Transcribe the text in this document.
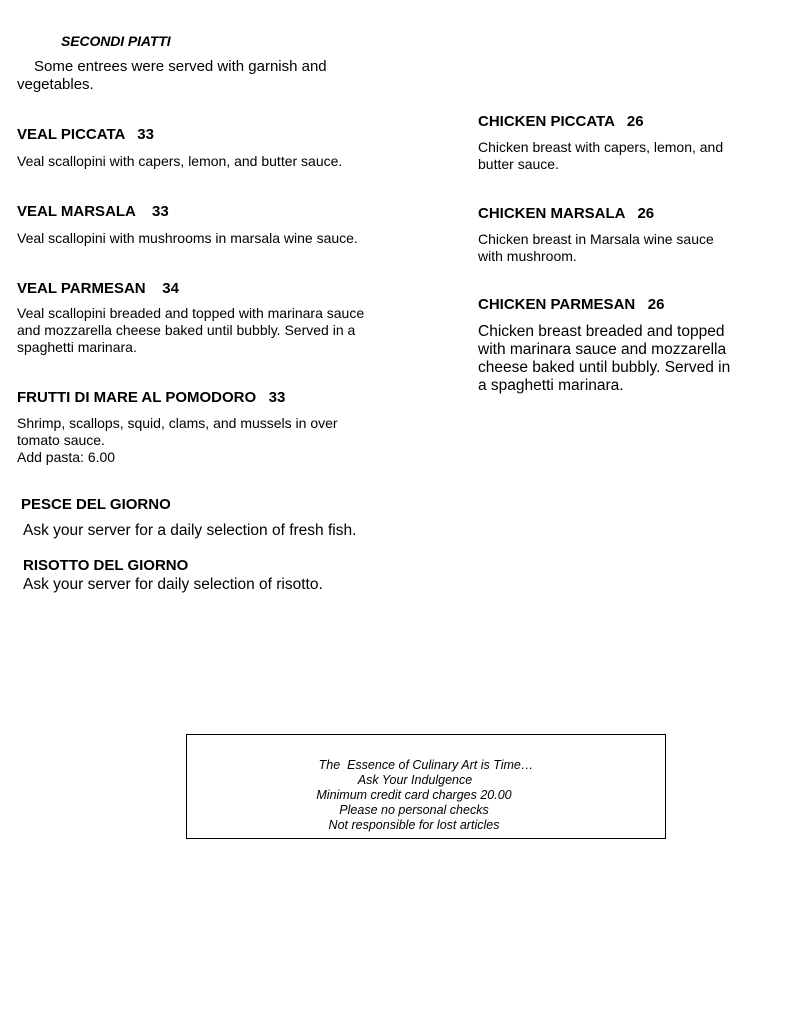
SECONDI PIATTI
Some entrees were served with garnish and vegetables.
VEAL PICCATA   33
Veal scallopini with capers, lemon, and butter sauce.
VEAL MARSALA    33
Veal scallopini with mushrooms in marsala wine sauce.
VEAL PARMESAN    34
Veal scallopini breaded and topped with marinara sauce
and mozzarella cheese baked until bubbly. Served in a
spaghetti marinara.
FRUTTI DI MARE AL POMODORO   33
Shrimp, scallops, squid, clams, and mussels in over
tomato sauce.
Add pasta: 6.00
PESCE DEL GIORNO
Ask your server for a daily selection of fresh fish.
RISOTTO DEL GIORNO
Ask your server for daily selection of risotto.
CHICKEN PICCATA   26
Chicken breast with capers, lemon, and
butter sauce.
CHICKEN MARSALA   26
Chicken breast in Marsala wine sauce
with mushroom.
CHICKEN PARMESAN   26
Chicken breast breaded and topped
with marinara sauce and mozzarella
cheese baked until bubbly. Served in
a spaghetti marinara.
The  Essence of Culinary Art is Time…
Ask Your Indulgence
Minimum credit card charges 20.00
Please no personal checks
Not responsible for lost articles
